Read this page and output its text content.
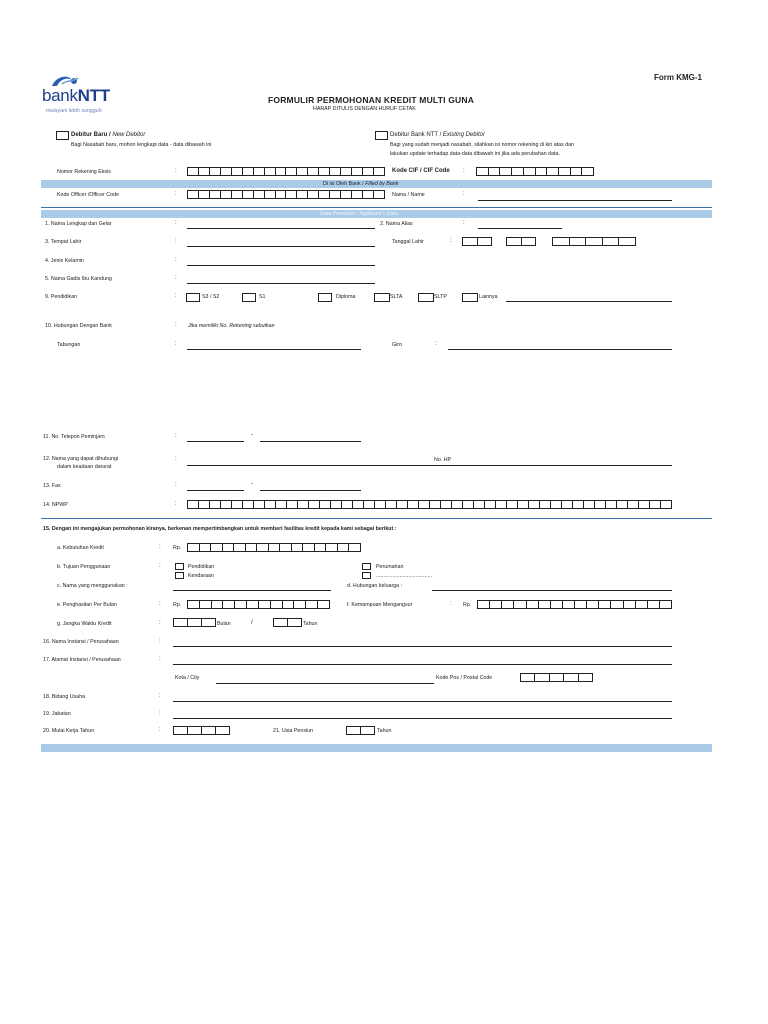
bankNTT
melayani lebih sungguh
Form KMG-1
FORMULIR PERMOHONAN KREDIT MULTI GUNA
HARAP DITULIS DENGAN HURUF CETAK
Debitur Baru / New Debitor
Bagi Nasabah baru, mohon lengkapi data - data dibawah ini
Debitur Bank NTT / Existing Debitor
Bagi yang sudah menjadi nasabah, silahkan isi nomor rekening di kiri atas dan
lakukan update terhadap data-data dibawah ini jika ada perubahan data.
Nomor Rekening Eksis	:	Kode CIF / CIF Code :
Di isi Oleh Bank / Filled by Bank
Kode Officer /Officer Code	:	Nama / Name	:
Data Pemohon / Applicant's Data
1. Nama Lengkap dan Gelar	:	2. Nama Alias	:
3. Tempat Lahir	:	Tanggal Lahir	:
4. Jenis Kelamin	:
5. Nama Gadis Ibu Kandung	:
9. Pendidikan	:	S3 / S2	S1	Diploma	SLTA	SLTP	Lainnya
10. Hubungan Dengan Bank	: Jika memiliki No. Rekening sebutkan
Tabungan	:	Giro	:
11. No. Telepon Peminjam	:	-
12. Nama yang dapat dihubungi
dalam keadaan darurat
:	No. HP
13. Fax	:	-
14. NPWP	:
15. Dengan ini mengajukan permohonan kiranya, berkenan mempertimbangkan untuk memberi fasilitas kredit kepada kami sebagai berikut :
a. Kebutuhan Kredit	: Rp.
b. Tujuan Penggunaan	:	Pendidikan
Kendaraan
Perumahan
......................................
c. Nama yang menggunakan :	d. Hubungan keluarga :
e. Penghasilan Per Bulan	: Rp.	f. Kemampuan Mengangsur	: Rp.
g. Jangka Waktu Kredit	:	Bulan	/	Tahun
16. Nama Instansi / Perusahaan	:
17. Alamat Instansi / Perusahaan	:
Kota / City	Kode Pos / Postal Code
18. Bidang Usaha	:
19. Jabatan	:
20. Mulai Kerja Tahun	:	21. Usia Pensiun	Tahun
